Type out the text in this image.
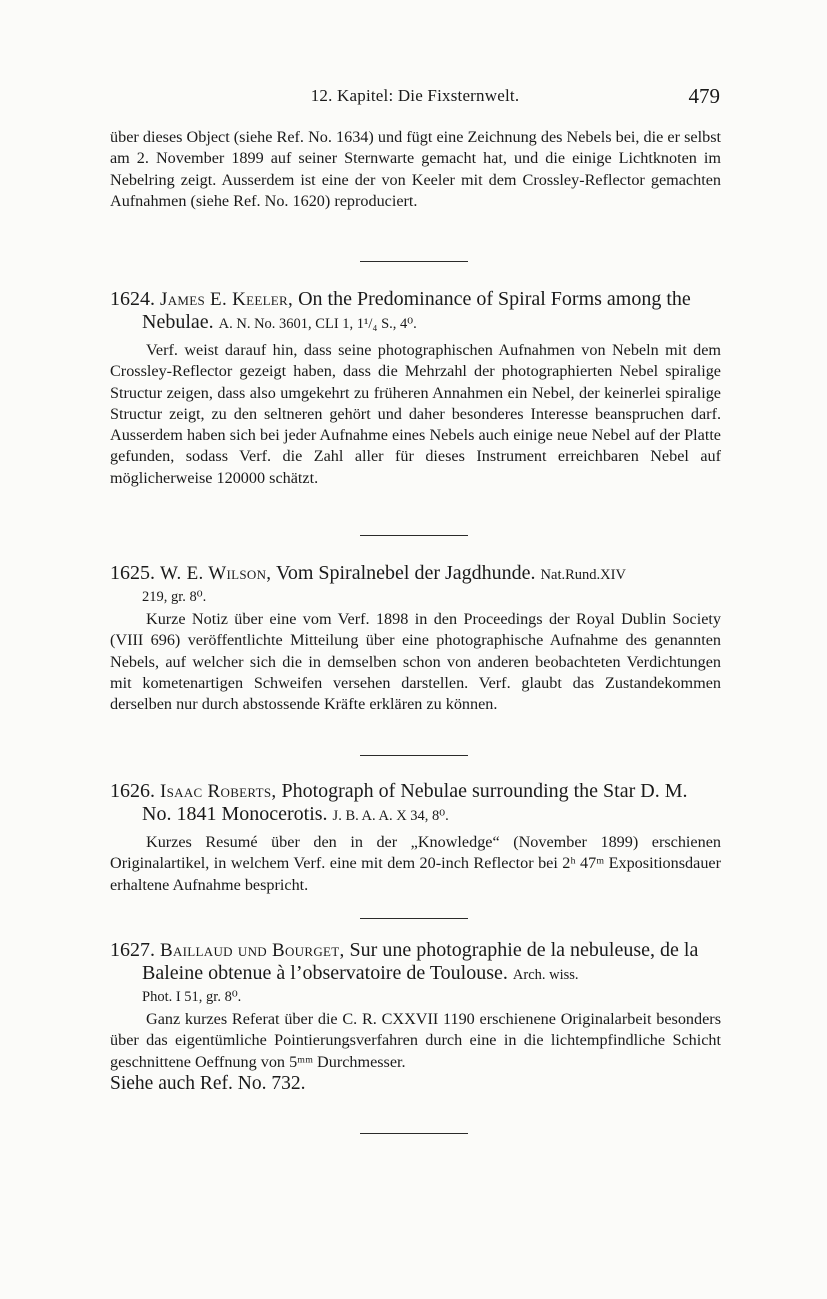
12. Kapitel: Die Fixsternwelt.	479

über dieses Object (siehe Ref. No. 1634) und fügt eine Zeichnung des Nebels bei, die er selbst am 2. November 1899 auf seiner Sternwarte gemacht hat, und die einige Lichtknoten im Nebelring zeigt. Ausserdem ist eine der von Keeler mit dem Crossley-Reflector gemachten Aufnahmen (siehe Ref. No. 1620) reproduciert.

1624. James E. Keeler, On the Predominance of Spiral Forms among the Nebulae. A. N. No. 3601, CLI 1, 1¹/₄ S., 4⁰.

Verf. weist darauf hin, dass seine photographischen Aufnahmen von Nebeln mit dem Crossley-Reflector gezeigt haben, dass die Mehrzahl der photographierten Nebel spiralige Structur zeigen, dass also umgekehrt zu früheren Annahmen ein Nebel, der keinerlei spiralige Structur zeigt, zu den seltneren gehört und daher besonderes Interesse beanspruchen darf. Ausserdem haben sich bei jeder Aufnahme eines Nebels auch einige neue Nebel auf der Platte gefunden, sodass Verf. die Zahl aller für dieses Instrument erreichbaren Nebel auf möglicherweise 120000 schätzt.

1625. W. E. Wilson, Vom Spiralnebel der Jagdhunde. Nat.Rund.XIV

219, gr. 8⁰.

Kurze Notiz über eine vom Verf. 1898 in den Proceedings der Royal Dublin Society (VIII 696) veröffentlichte Mitteilung über eine photographische Aufnahme des genannten Nebels, auf welcher sich die in demselben schon von anderen beobachteten Verdichtungen mit kometenartigen Schweifen versehen darstellen. Verf. glaubt das Zustandekommen derselben nur durch abstossende Kräfte erklären zu können.

1626. Isaac Roberts, Photograph of Nebulae surrounding the Star D. M. No. 1841 Monocerotis. J. B. A. A. X 34, 8⁰.

Kurzes Resumé über den in der „Knowledge“ (November 1899) erschienen Originalartikel, in welchem Verf. eine mit dem 20-inch Reflector bei 2ʰ 47ᵐ Expositionsdauer erhaltene Aufnahme bespricht.

1627. Baillaud und Bourget, Sur une photographie de la nebuleuse, de la Baleine obtenue à l’observatoire de Toulouse. Arch. wiss.

Phot. I 51, gr. 8⁰.

Ganz kurzes Referat über die C. R. CXXVII 1190 erschienene Originalarbeit besonders über das eigentümliche Pointierungsverfahren durch eine in die lichtempfindliche Schicht geschnittene Oeffnung von 5ᵐᵐ Durchmesser.

Siehe auch Ref. No. 732.
